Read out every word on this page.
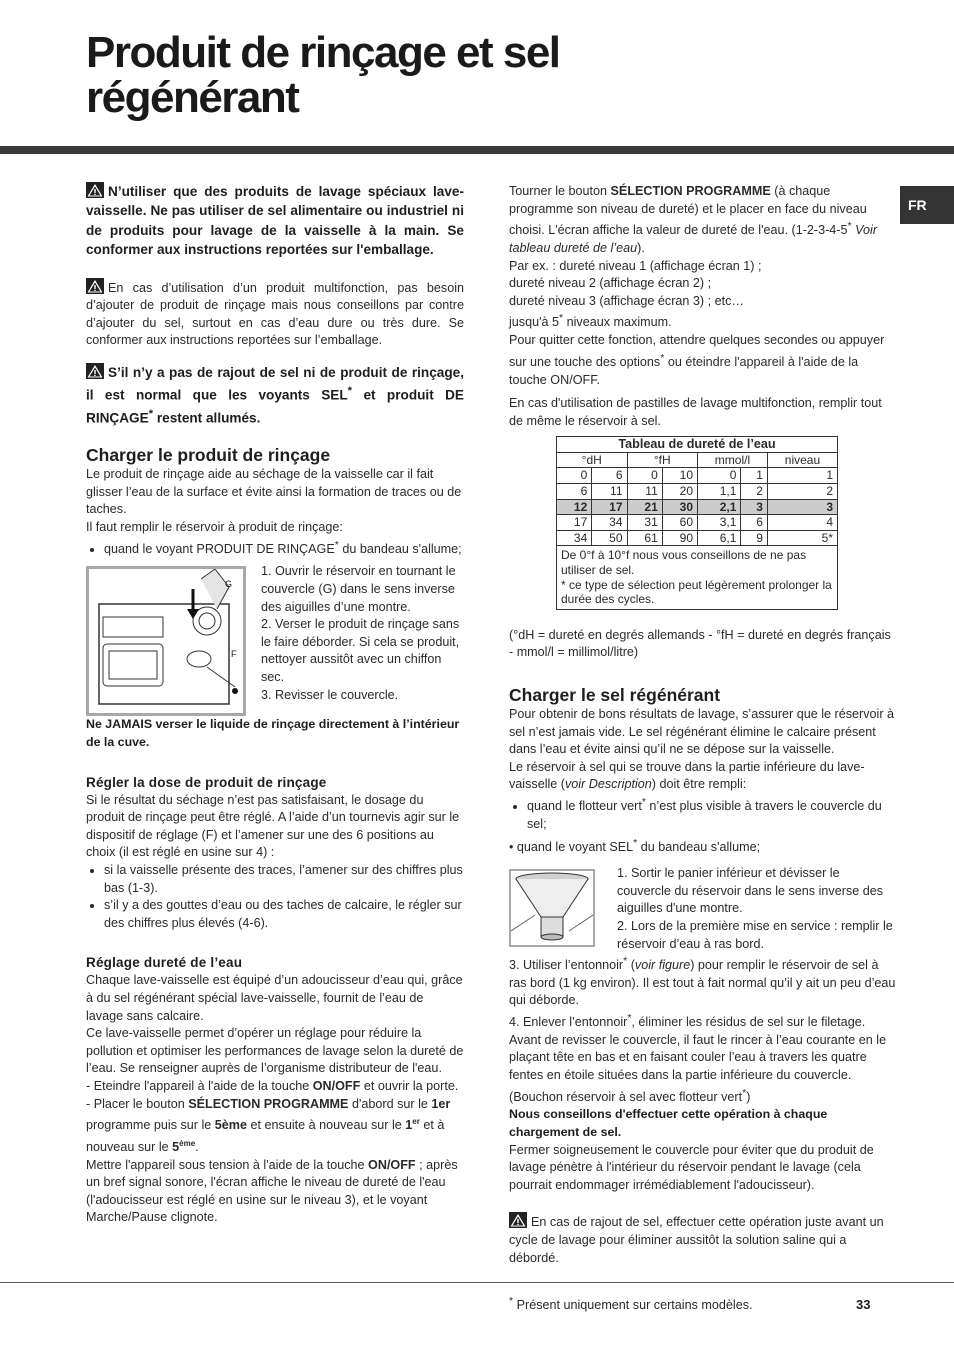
Produit de rinçage et sel
régénérant
FR

N’utiliser que des produits de lavage spéciaux lave-vaisselle. Ne pas utiliser de sel alimentaire ou industriel ni de produits pour lavage de la vaisselle à la main. Se conformer aux instructions reportées sur l'emballage.

En cas d’utilisation d’un produit multifonction, pas besoin d’ajouter de produit de rinçage mais nous conseillons par contre d’ajouter du sel, surtout en cas d’eau dure ou très dure. Se conformer aux instructions reportées sur l’emballage.

S’il n’y a pas de rajout de sel ni de produit de rinçage, il est normal que les voyants SEL* et produit DE RINÇAGE* restent allumés.

Charger le produit de rinçage

Le produit de rinçage aide au séchage de la vaisselle car il fait glisser l’eau de la surface et évite ainsi la formation de traces ou de taches.

Il faut remplir le réservoir à produit de rinçage:

• quand le voyant PRODUIT DE RINÇAGE* du bandeau s'allume;
F
G

1. Ouvrir le réservoir en tournant le couvercle (G) dans le sens inverse des aiguilles d’une montre.

2. Verser le produit de rinçage sans le faire déborder. Si cela se produit, nettoyer aussitôt avec un chiffon sec.

3. Revisser le couvercle.

Ne JAMAIS verser le liquide de rinçage directement à l’intérieur de la cuve.

Régler la dose de produit de rinçage

Si le résultat du séchage n’est pas satisfaisant, le dosage du produit de rinçage peut être réglé. A l’aide d’un tournevis agir sur le dispositif de réglage (F) et l’amener sur une des 6 positions au choix (il est réglé en usine sur 4) :

• si la vaisselle présente des traces, l’amener sur des chiffres plus bas (1-3).
• s’il y a des gouttes d’eau ou des taches de calcaire, le régler sur des chiffres plus élevés (4-6).
Réglage dureté de l’eau

Chaque lave-vaisselle est équipé d’un adoucisseur d’eau qui, grâce à du sel régénérant spécial lave-vaisselle, fournit de l’eau de lavage sans calcaire.

Ce lave-vaisselle permet d’opérer un réglage pour réduire la pollution et optimiser les performances de lavage selon la dureté de l’eau. Se renseigner auprès de l’organisme distributeur de l'eau.

- Eteindre l'appareil à l'aide de la touche ON/OFF et ouvrir la porte.

- Placer le bouton SÉLECTION PROGRAMME d'abord sur le 1er programme puis sur le 5ème et ensuite à nouveau sur le 1er et à nouveau sur le 5ème.

Mettre l'appareil sous tension à l'aide de la touche ON/OFF ; après un bref signal sonore, l'écran affiche le niveau de dureté de l'eau (l'adoucisseur est réglé en usine sur le niveau 3), et le voyant Marche/Pause clignote.

Tourner le bouton SÉLECTION PROGRAMME (à chaque programme son niveau de dureté) et le placer en face du niveau choisi. L'écran affiche la valeur de dureté de l'eau. (1-2-3-4-5* Voir tableau dureté de l’eau).

Par ex. : dureté niveau 1 (affichage écran 1) ;

dureté niveau 2 (affichage écran 2) ;

dureté niveau 3 (affichage écran 3) ; etc…

jusqu'à 5* niveaux maximum.

Pour quitter cette fonction, attendre quelques secondes ou appuyer sur une touche des options* ou éteindre l'appareil à l'aide de la touche ON/OFF.

En cas d'utilisation de pastilles de lavage multifonction, remplir tout de même le réservoir à sel.

Tableau de dureté de l’eau						
°dH		°fH		mmol/l		niveau
0	6	0	10	0	1	1
6	11	11	20	1,1	2	2
12	17	21	30	2,1	3	3
17	34	31	60	3,1	6	4
34	50	61	90	6,1	9	5*

De 0°f à 10°f nous vous conseillons de ne pas utiliser de sel.
* ce type de sélection peut légèrement prolonger la durée des cycles.						

(°dH = dureté en degrés allemands - °fH = dureté en degrés français - mmol/l = millimol/litre)

Charger le sel régénérant

Pour obtenir de bons résultats de lavage, s’assurer que le réservoir à sel n’est jamais vide. Le sel régénérant élimine le calcaire présent dans l’eau et évite ainsi qu’il ne se dépose sur la vaisselle.

Le réservoir à sel qui se trouve dans la partie inférieure du lave-vaisselle (voir Description) doit être rempli:

• quand le flotteur vert* n’est plus visible à travers le couvercle du sel;

• quand le voyant SEL* du bandeau s'allume;

1. Sortir le panier inférieur et dévisser le couvercle du réservoir dans le sens inverse des aiguilles d'une montre.

2. Lors de la première mise en service : remplir le réservoir d’eau à ras bord.

3. Utiliser l’entonnoir* (voir figure) pour remplir le réservoir de sel à ras bord (1 kg environ). Il est tout à fait normal qu’il y ait un peu d’eau qui déborde.

4. Enlever l’entonnoir*, éliminer les résidus de sel sur le filetage. Avant de revisser le couvercle, il faut le rincer à l’eau courante en le plaçant tête en bas et en faisant couler l’eau à travers les quatre fentes en étoile situées dans la partie inférieure du couvercle. (Bouchon réservoir à sel avec flotteur vert*)

Nous conseillons d'effectuer cette opération à chaque chargement de sel.

Fermer soigneusement le couvercle pour éviter que du produit de lavage pénètre à l'intérieur du réservoir pendant le lavage (cela pourrait endommager irrémédiablement l'adoucisseur).

En cas de rajout de sel, effectuer cette opération juste avant un cycle de lavage pour éliminer aussitôt la solution saline qui a débordé.

* Présent uniquement sur certains modèles.	33
